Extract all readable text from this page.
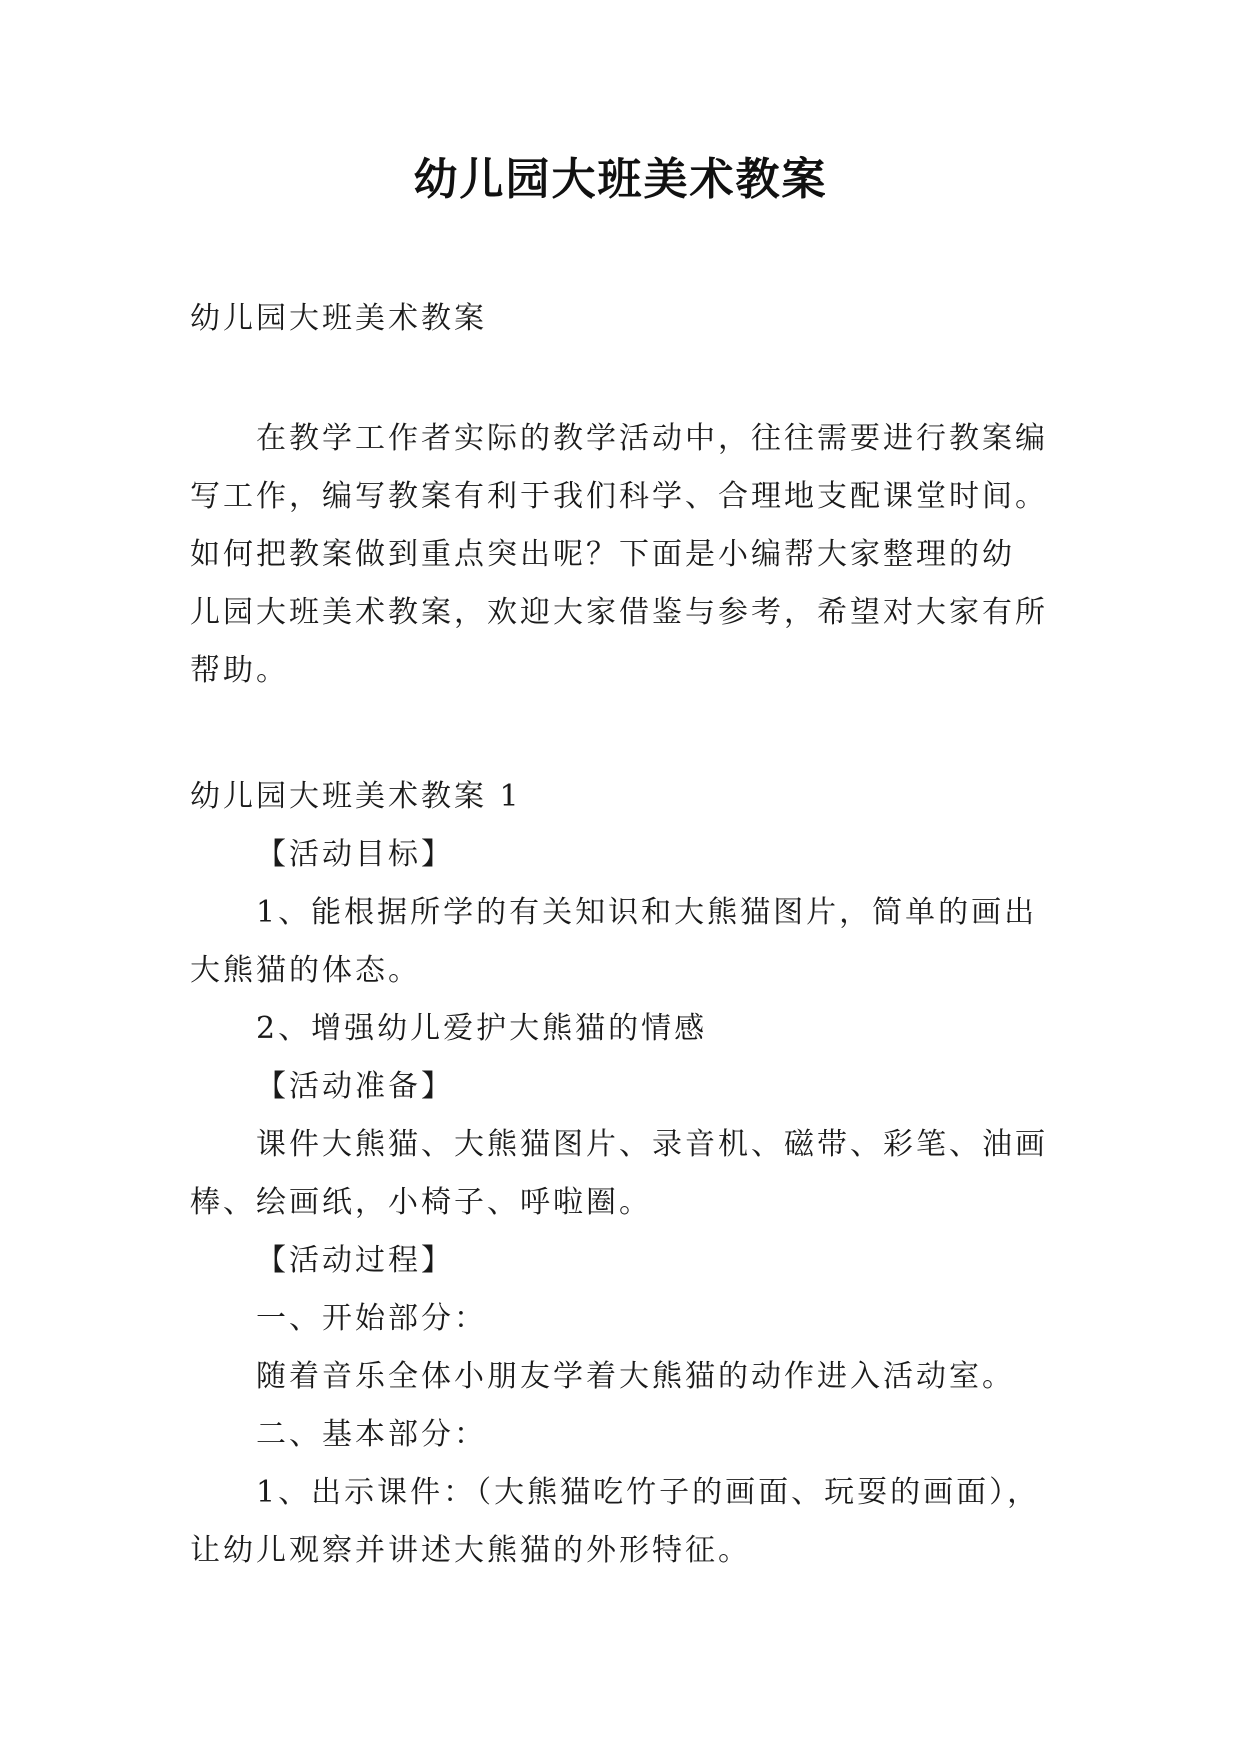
幼儿园大班美术教案

幼儿园大班美术教案

在教学工作者实际的教学活动中，往往需要进行教案编

写工作，编写教案有利于我们科学、合理地支配课堂时间。

如何把教案做到重点突出呢？下面是小编帮大家整理的幼

儿园大班美术教案，欢迎大家借鉴与参考，希望对大家有所

帮助。

幼儿园大班美术教案 1

【活动目标】

1、能根据所学的有关知识和大熊猫图片，简单的画出

大熊猫的体态。

2、增强幼儿爱护大熊猫的情感

【活动准备】

课件大熊猫、大熊猫图片、录音机、磁带、彩笔、油画

棒、绘画纸，小椅子、呼啦圈。

【活动过程】

一、开始部分：

随着音乐全体小朋友学着大熊猫的动作进入活动室。

二、基本部分：

1、出示课件：（大熊猫吃竹子的画面、玩耍的画面），

让幼儿观察并讲述大熊猫的外形特征。
